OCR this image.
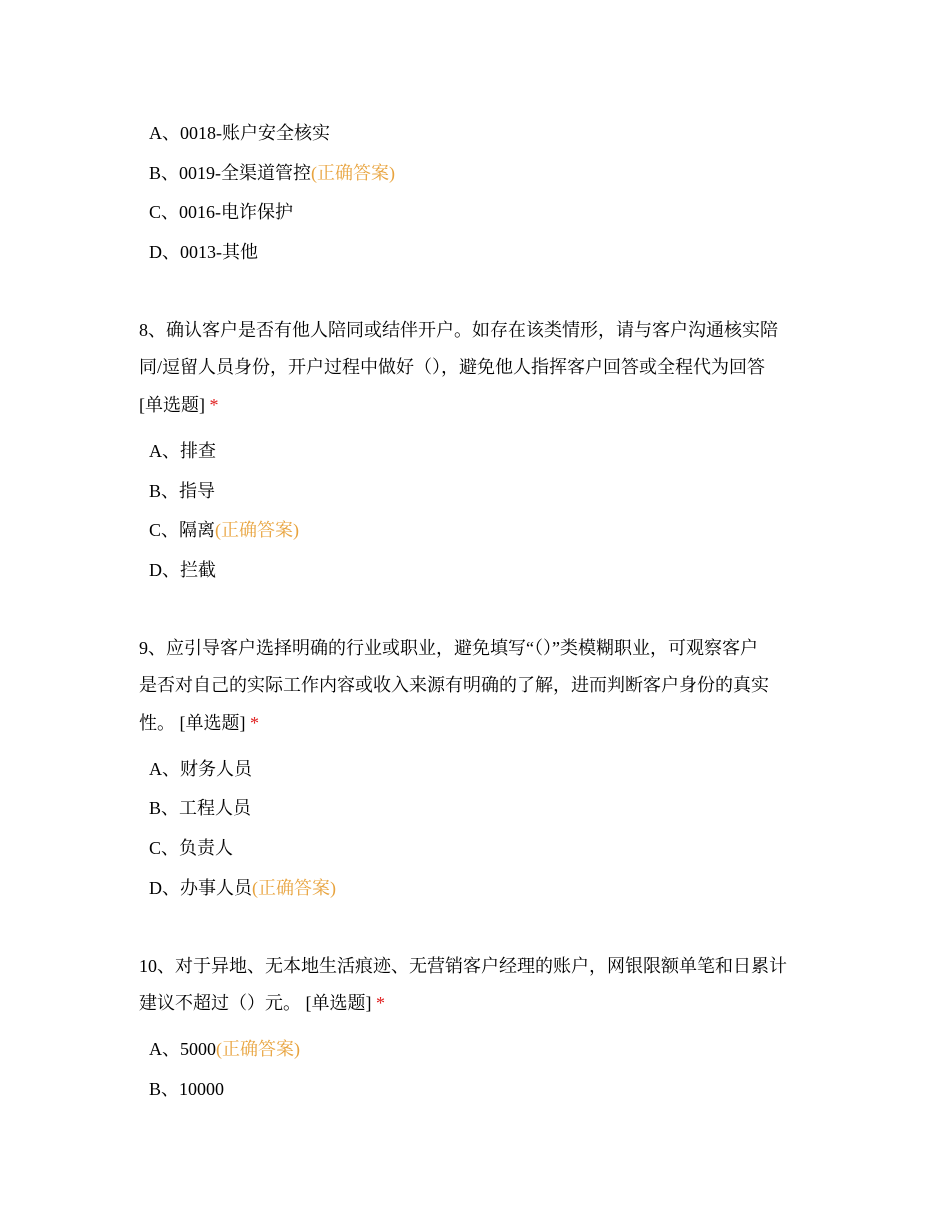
A、0018-账户安全核实
B、0019-全渠道管控(正确答案)
C、0016-电诈保护
D、0013-其他
8、确认客户是否有他人陪同或结伴开户。如存在该类情形，请与客户沟通核实陪
同/逗留人员身份，开户过程中做好（），避免他人指挥客户回答或全程代为回答
[单选题] *
A、排查
B、指导
C、隔离(正确答案)
D、拦截
9、应引导客户选择明确的行业或职业，避免填写“（）”类模糊职业，可观察客户
是否对自己的实际工作内容或收入来源有明确的了解，进而判断客户身份的真实
性。 [单选题] *
A、财务人员
B、工程人员
C、负责人
D、办事人员(正确答案)
10、对于异地、无本地生活痕迹、无营销客户经理的账户，网银限额单笔和日累计
建议不超过（）元。 [单选题] *
A、5000(正确答案)
B、10000
